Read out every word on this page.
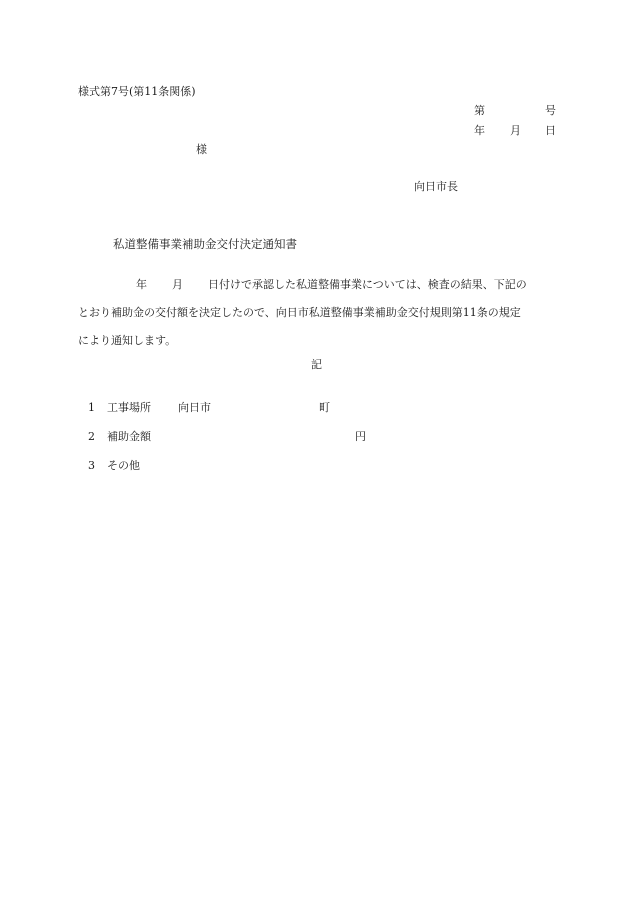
様式第7号(第11条関係)
第	号
年 月 日
様
向日市長
私道整備事業補助金交付決定通知書
年 月 日付けで承認した私道整備事業については、検査の結果、下記の
とおり補助金の交付額を決定したので、向日市私道整備事業補助金交付規則第11条の規定
により通知します。
記
1 工事場所 向日市	町
2 補助金額	円
3 その他
